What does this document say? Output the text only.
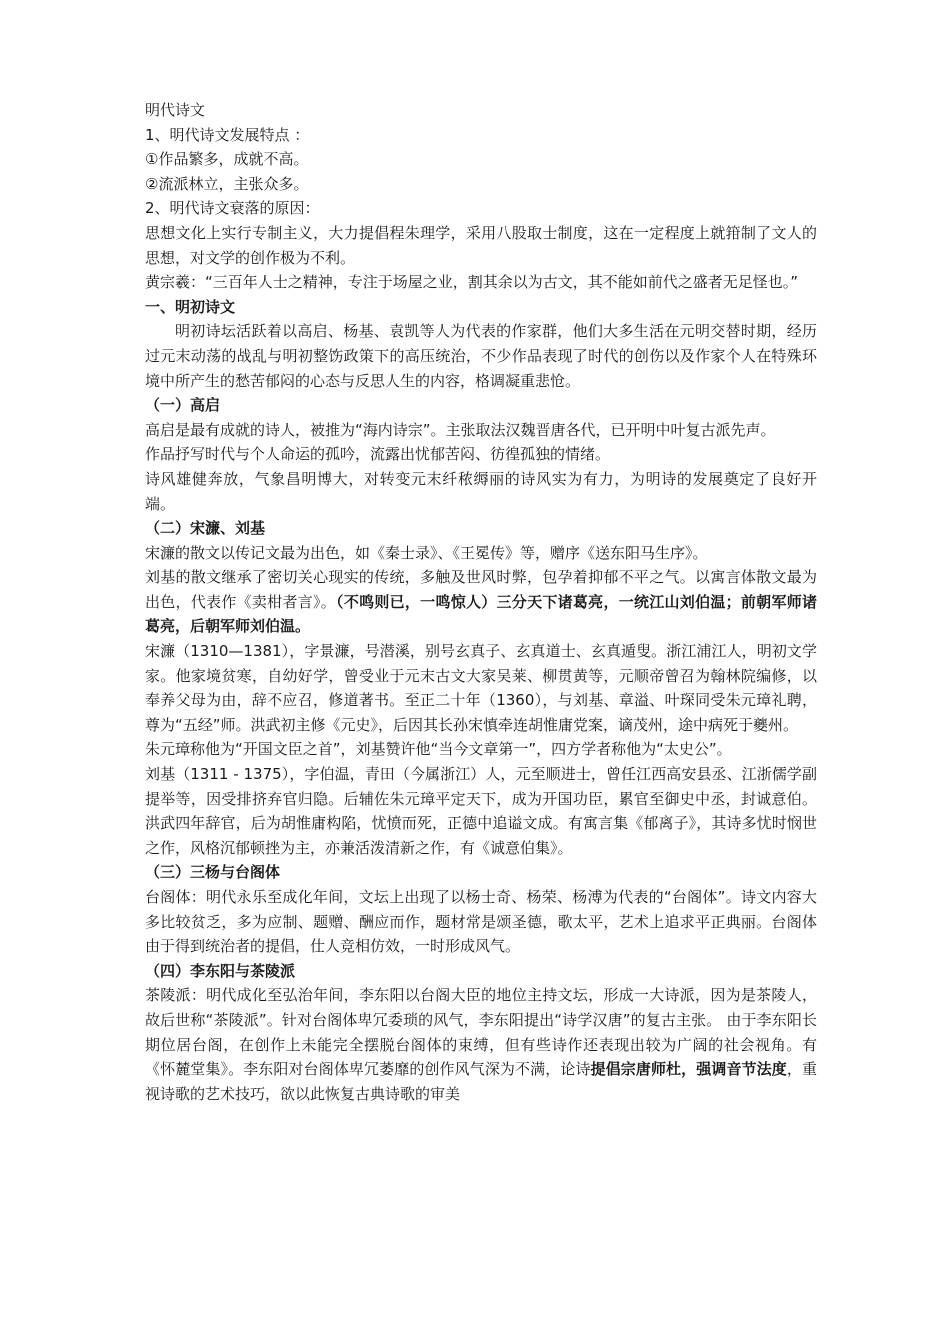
明代诗文

1、明代诗文发展特点 ：

①作品繁多，成就不高。

②流派林立，主张众多。

2、明代诗文衰落的原因：

思想文化上实行专制主义，大力提倡程朱理学，采用八股取士制度，这在一定程度上就箝制了文人的思想，对文学的创作极为不利。

黄宗羲：“三百年人士之精神，专注于场屋之业，割其余以为古文，其不能如前代之盛者无足怪也。”

一、明初诗文

明初诗坛活跃着以高启、杨基、袁凯等人为代表的作家群，他们大多生活在元明交替时期，经历过元末动荡的战乱与明初整饬政策下的高压统治，不少作品表现了时代的创伤以及作家个人在特殊环境中所产生的愁苦郁闷的心态与反思人生的内容，格调凝重悲怆。

（一）高启

高启是最有成就的诗人，被推为“海内诗宗”。主张取法汉魏晋唐各代，已开明中叶复古派先声。

作品抒写时代与个人命运的孤吟，流露出忧郁苦闷、彷徨孤独的情绪。

诗风雄健奔放，气象昌明博大，对转变元末纤秾缛丽的诗风实为有力，为明诗的发展奠定了良好开端。

（二）宋濂、刘基

宋濂的散文以传记文最为出色，如《秦士录》、《王冕传》等，赠序《送东阳马生序》。

刘基的散文继承了密切关心现实的传统，多触及世风时弊，包孕着抑郁不平之气。以寓言体散文最为出色，代表作《卖柑者言》。（不鸣则已，一鸣惊人）三分天下诸葛亮，一统江山刘伯温；前朝军师诸葛亮，后朝军师刘伯温。

宋濂（1310—1381），字景濂，号潜溪，别号玄真子、玄真道士、玄真遁叟。浙江浦江人，明初文学家。他家境贫寒，自幼好学，曾受业于元末古文大家吴莱、柳贯黄等，元顺帝曾召为翰林院编修，以奉养父母为由，辞不应召，修道著书。至正二十年（1360），与刘基、章溢、叶琛同受朱元璋礼聘，尊为“五经”师。洪武初主修《元史》，后因其长孙宋慎牵连胡惟庸党案，谪茂州，途中病死于夔州。

朱元璋称他为“开国文臣之首”，刘基赞许他“当今文章第一”，四方学者称他为“太史公”。

刘基（1311 - 1375），字伯温，青田（今属浙江）人，元至顺进士，曾任江西高安县丞、江浙儒学副提举等，因受排挤弃官归隐。后辅佐朱元璋平定天下，成为开国功臣，累官至御史中丞，封诚意伯。洪武四年辞官，后为胡惟庸构陷，忧愤而死，正德中追谥文成。有寓言集《郁离子》，其诗多忧时悯世之作，风格沉郁顿挫为主，亦兼活泼清新之作，有《诚意伯集》。

（三）三杨与台阁体

台阁体：明代永乐至成化年间，文坛上出现了以杨士奇、杨荣、杨溥为代表的“台阁体”。诗文内容大多比较贫乏，多为应制、题赠、酬应而作，题材常是颂圣德，歌太平，艺术上追求平正典丽。台阁体由于得到统治者的提倡，仕人竞相仿效，一时形成风气。

（四）李东阳与茶陵派

茶陵派：明代成化至弘治年间，李东阳以台阁大臣的地位主持文坛，形成一大诗派，因为是茶陵人，故后世称“茶陵派”。针对台阁体卑冗委琐的风气，李东阳提出“诗学汉唐”的复古主张。 由于李东阳长期位居台阁，在创作上未能完全摆脱台阁体的束缚，但有些诗作还表现出较为广阔的社会视角。有《怀麓堂集》。李东阳对台阁体卑冗萎靡的创作风气深为不满，论诗提倡宗唐师杜，强调音节法度，重视诗歌的艺术技巧，欲以此恢复古典诗歌的审美
